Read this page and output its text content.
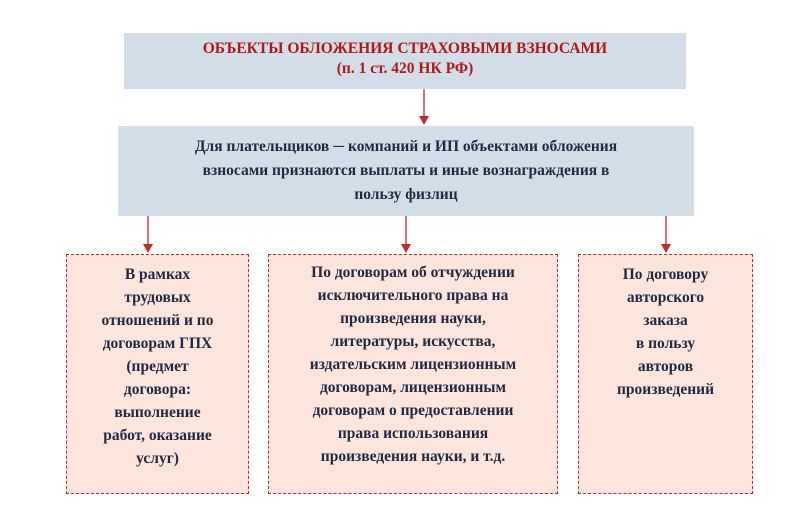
ОБЪЕКТЫ ОБЛОЖЕНИЯ СТРАХОВЫМИ ВЗНОСАМИ
(п. 1 ст. 420 НК РФ)
Для плательщиков ─ компаний и ИП объектами обложения
взносами признаются выплаты и иные вознаграждения в
пользу физлиц
В рамках
трудовых
отношений и по
договорам ГПХ
(предмет
договора:
выполнение
работ, оказание
услуг)
По договорам об отчуждении
исключительного права на
произведения науки,
литературы, искусства,
издательским лицензионным
договорам, лицензионным
договорам о предоставлении
права использования
произведения науки, и т.д.
По договору
авторского
заказа
в пользу
авторов
произведений
